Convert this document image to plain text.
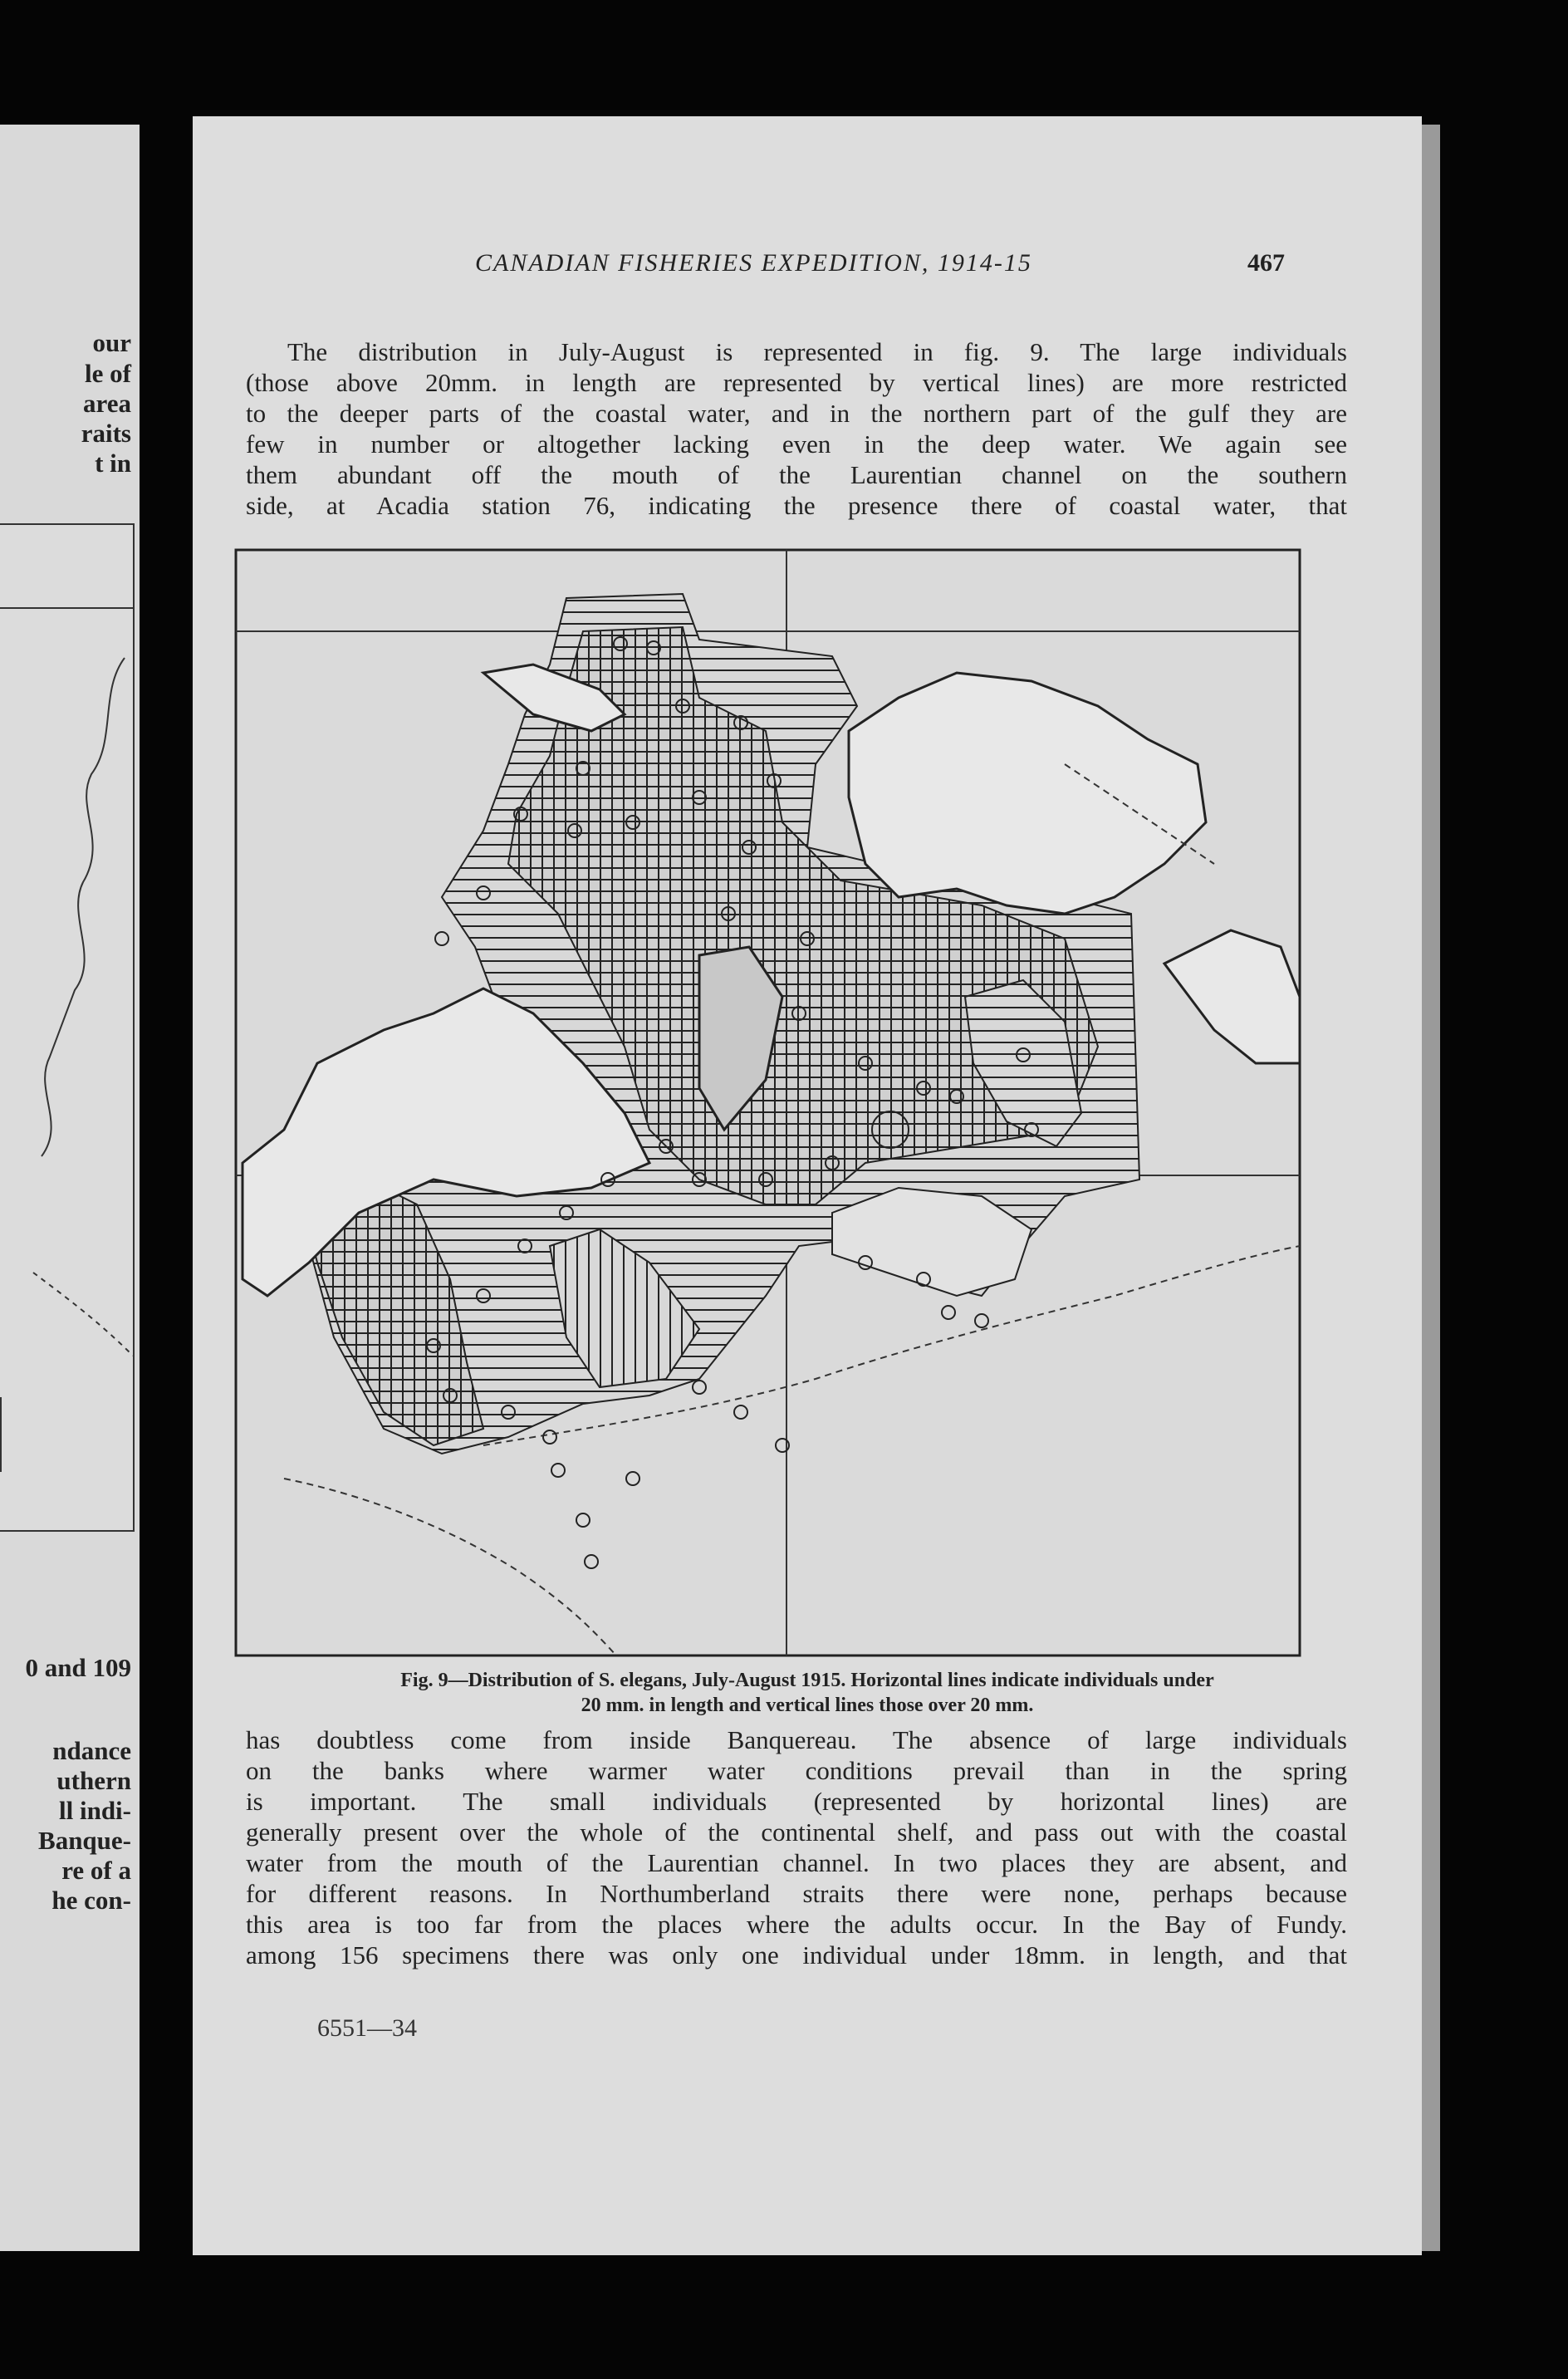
our
le of
area
raits
t in
0 and 109
ndance
uthern
ll indi-
Banque-
re of a
he con-
CANADIAN FISHERIES EXPEDITION, 1914-15	467
The distribution in July-August is represented in fig. 9. The large individuals
(those above 20mm. in length are represented by vertical lines) are more restricted
to the deeper parts of the coastal water, and in the northern part of the gulf they are
few in number or altogether lacking even in the deep water. We again see
them abundant off the mouth of the Laurentian channel on the southern
side, at Acadia station 76, indicating the presence there of coastal water, that
Fig. 9—Distribution of S. elegans, July-August 1915. Horizontal lines indicate individuals under
20 mm. in length and vertical lines those over 20 mm.
has doubtless come from inside Banquereau. The absence of large individuals
on the banks where warmer water conditions prevail than in the spring
is important. The small individuals (represented by horizontal lines) are
generally present over the whole of the continental shelf, and pass out with the coastal
water from the mouth of the Laurentian channel. In two places they are absent, and
for different reasons. In Northumberland straits there were none, perhaps because
this area is too far from the places where the adults occur. In the Bay of Fundy.
among 156 specimens there was only one individual under 18mm. in length, and that
6551—34
